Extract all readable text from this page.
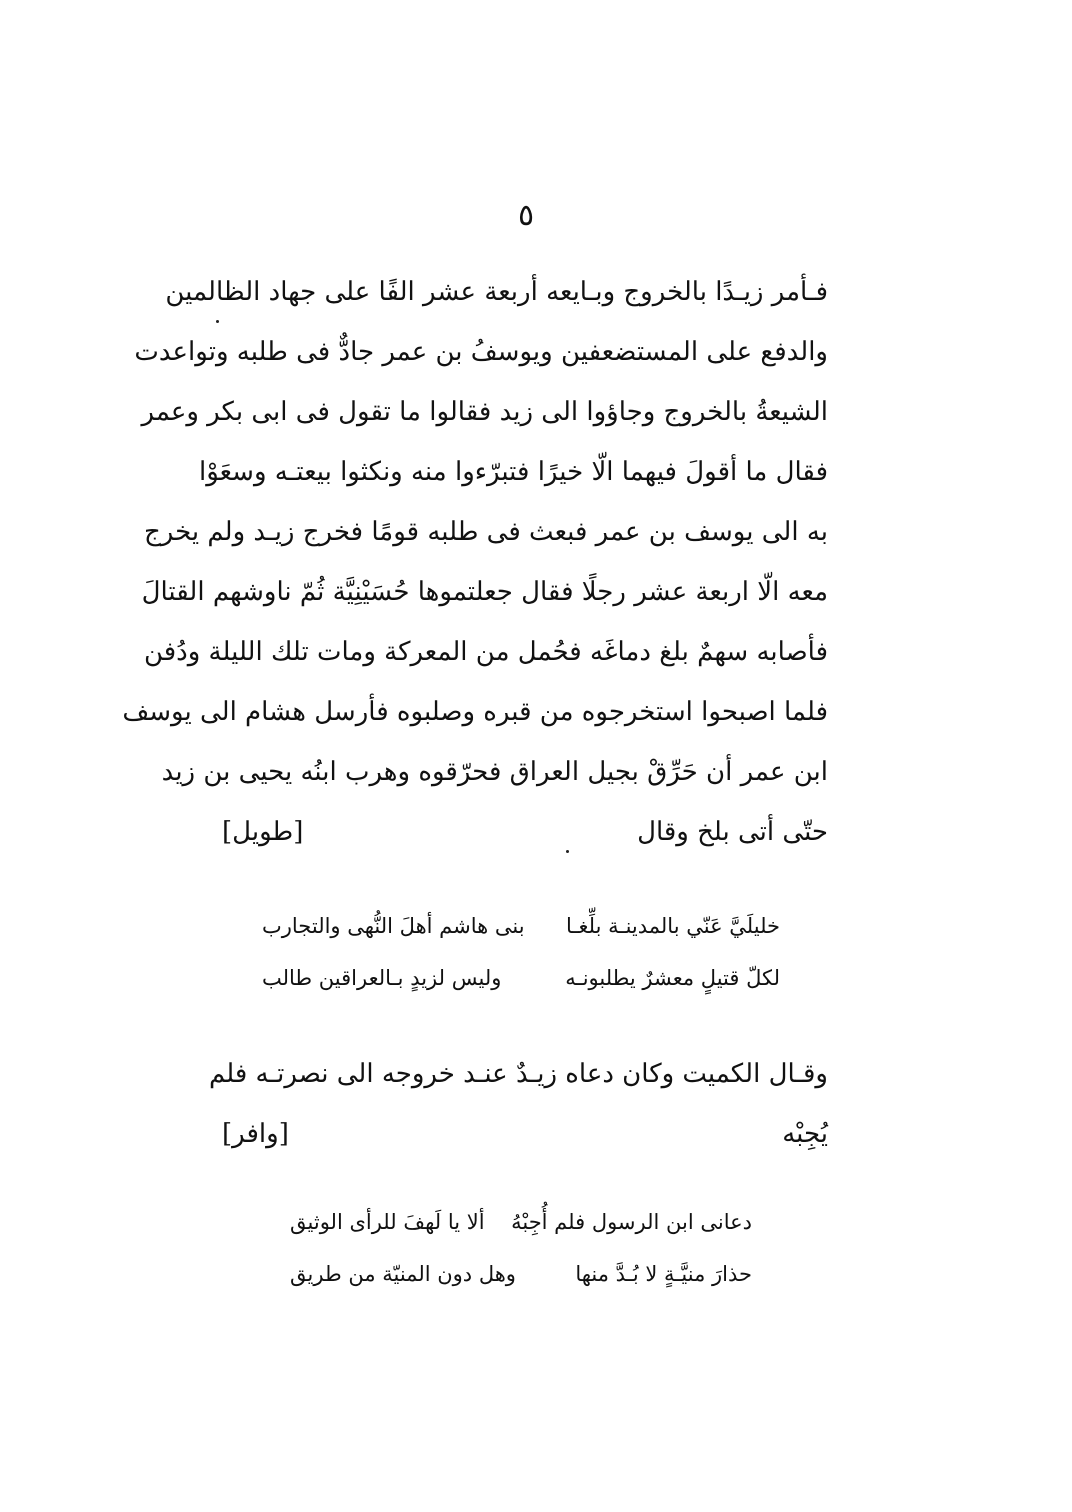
٥
فـأمر زيـدًا بالخروج وبـايعه أربعة عشر الفًا على جهاد الظالمين
والدفع على المستضعفين ويوسفُ بن عمر جادٌّ فى طلبه وتواعدت
الشيعةُ بالخروج وجاؤوا الى زيد فقالوا ما تقول فى ابى بكر وعمر
فقال ما أقولَ فيهما الّا خيرًا فتبرّءوا منه ونكثوا بيعتـه وسعَوْا
به الى يوسف بن عمر فبعث فى طلبه قومًا فخرج زيـد ولم يخرج
معه الّا اربعة عشر رجلًا فقال جعلتموها حُسَيْنِيَّة ثُمّ ناوشهم القتالَ
فأصابه سهمٌ بلغ دماغَه فحُمل من المعركة ومات تلك الليلة ودُفن
فلما اصبحوا استخرجوه من قبره وصلبوه فأرسل هشام الى يوسف
ابن عمر أن حَرِّقْ بجيل العراق فحرّقوه وهرب ابنُه يحيى بن زيد
حتّى أتى بلخ وقال
[طويل]
خليلَيَّ عَنّي بالمدينـة بلِّغـا
بنى هاشم أهلَ النُّهى والتجارب
لكلّ قتيلٍ معشرٌ يطلبونـه
وليس لزيدٍ بـالعراقين طالب
وقـال الكميت وكان دعاه زيـدٌ عنـد خروجه الى نصرتـه فلم
يُجِبْه
[وافر]
دعانى ابن الرسول فلم أُجِبْهُ
ألا يا لَهفَ للرأى الوثيق
حذارَ منيَّـةٍ لا بُـدَّ منها
وهل دون المنيّة من طريق
